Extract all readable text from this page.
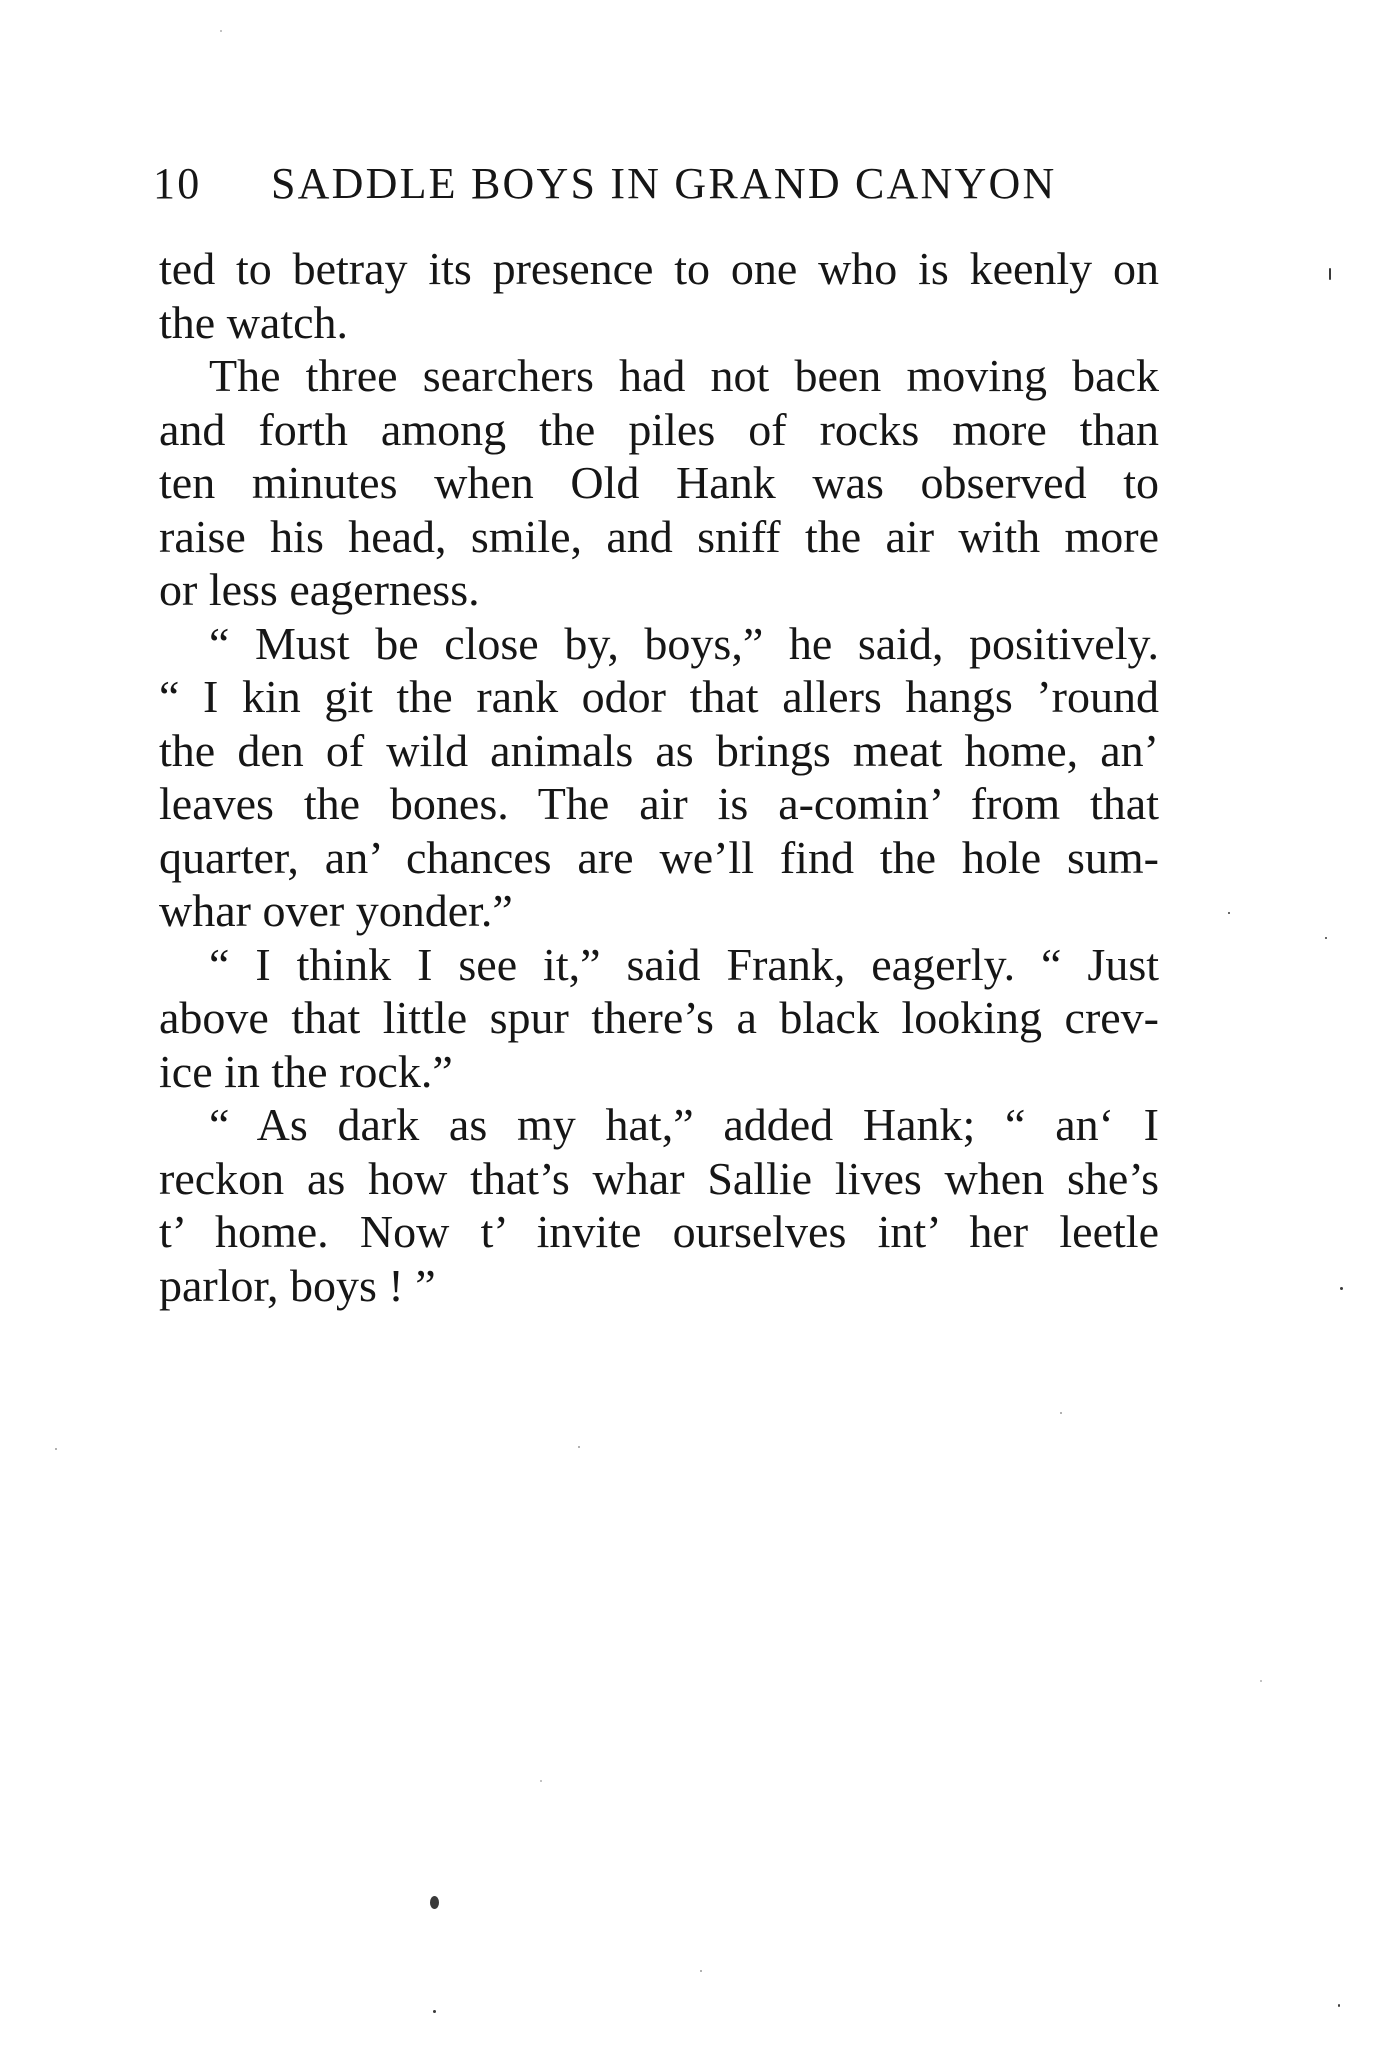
10 SADDLE BOYS IN GRAND CANYON
ted to betray its presence to one who is keenly on
the watch.
The three searchers had not been moving back
and forth among the piles of rocks more than
ten minutes when Old Hank was observed to
raise his head, smile, and sniff the air with more
or less eagerness.
“ Must be close by, boys,” he said, positively.
“ I kin git the rank odor that allers hangs ’round
the den of wild animals as brings meat home, an’
leaves the bones. The air is a-comin’ from that
quarter, an’ chances are we’ll find the hole sum-
whar over yonder.”
“ I think I see it,” said Frank, eagerly. “ Just
above that little spur there’s a black looking crev-
ice in the rock.”
“ As dark as my hat,” added Hank; “ an‘ I
reckon as how that’s whar Sallie lives when she’s
t’ home. Now t’ invite ourselves int’ her leetle
parlor, boys ! ”
